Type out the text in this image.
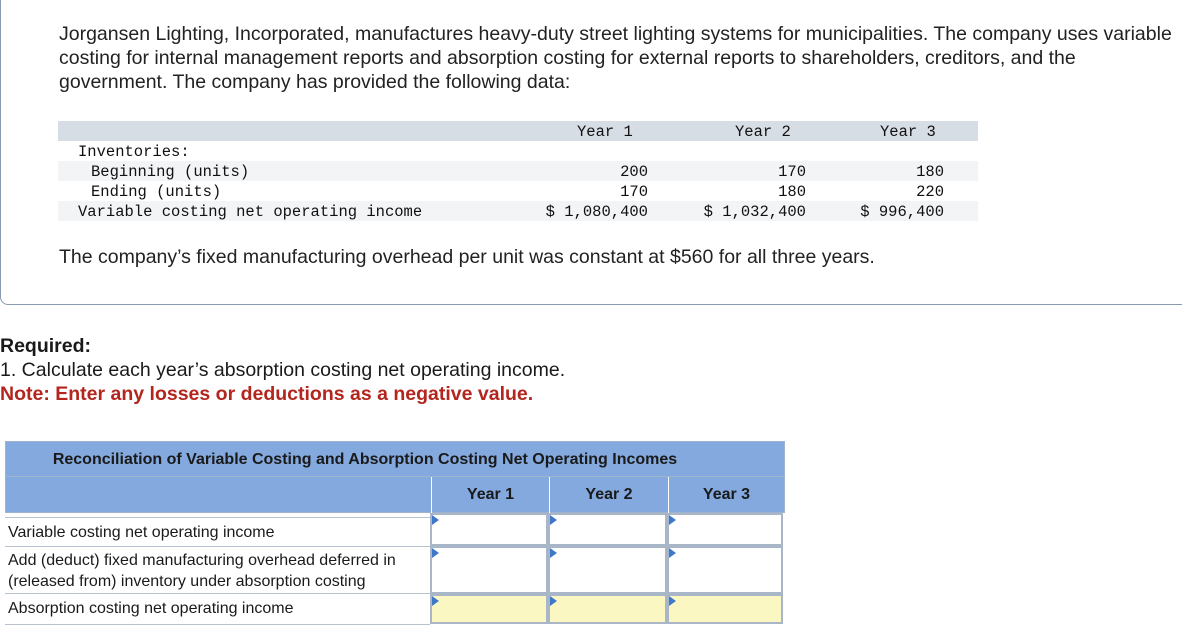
Jorgansen Lighting, Incorporated, manufactures heavy-duty street lighting systems for municipalities. The company uses variable costing for internal management reports and absorption costing for external reports to shareholders, creditors, and the government. The company has provided the following data:

Year 1	Year 2	Year 3
Inventories:
Beginning (units)	200	170	180
Ending (units)	170	180	220
Variable costing net operating income	$ 1,080,400	$ 1,032,400	$ 996,400

The company’s fixed manufacturing overhead per unit was constant at $560 for all three years.

Required:
1. Calculate each year’s absorption costing net operating income.
Note: Enter any losses or deductions as a negative value.
Reconciliation of Variable Costing and Absorption Costing Net Operating Incomes
Year 1	Year 2	Year 3
Variable costing net operating income
Add (deduct) fixed manufacturing overhead deferred in (released from) inventory under absorption costing
Absorption costing net operating income
